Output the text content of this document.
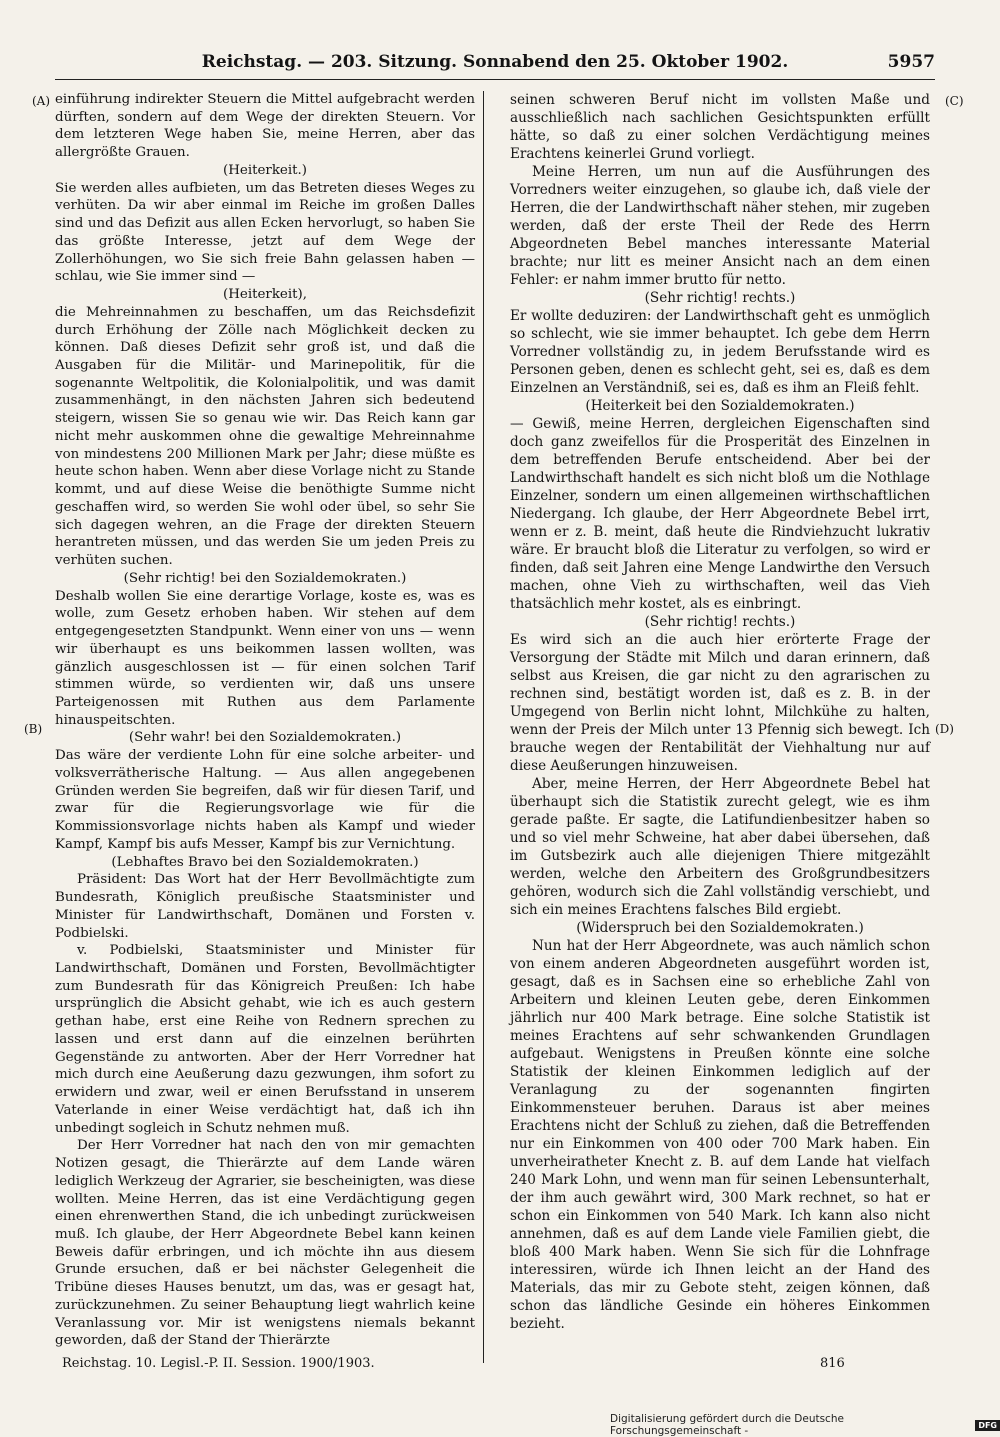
Reichstag. — 203. Sitzung. Sonnabend den 25. Oktober 1902.	5957
(A)
(B)
(C)
(D)

einführung indirekter Steuern die Mittel aufgebracht werden dürften, sondern auf dem Wege der direkten Steuern. Vor dem letzteren Wege haben Sie, meine Herren, aber das allergrößte Grauen.

(Heiterkeit.)

Sie werden alles aufbieten, um das Betreten dieses Weges zu verhüten. Da wir aber einmal im Reiche im großen Dalles sind und das Defizit aus allen Ecken hervorlugt, so haben Sie das größte Interesse, jetzt auf dem Wege der Zollerhöhungen, wo Sie sich freie Bahn gelassen haben — schlau, wie Sie immer sind —

(Heiterkeit),

die Mehreinnahmen zu beschaffen, um das Reichsdefizit durch Erhöhung der Zölle nach Möglichkeit decken zu können. Daß dieses Defizit sehr groß ist, und daß die Ausgaben für die Militär- und Marinepolitik, für die sogenannte Weltpolitik, die Kolonialpolitik, und was damit zusammenhängt, in den nächsten Jahren sich bedeutend steigern, wissen Sie so genau wie wir. Das Reich kann gar nicht mehr auskommen ohne die gewaltige Mehreinnahme von mindestens 200 Millionen Mark per Jahr; diese müßte es heute schon haben. Wenn aber diese Vorlage nicht zu Stande kommt, und auf diese Weise die benöthigte Summe nicht geschaffen wird, so werden Sie wohl oder übel, so sehr Sie sich dagegen wehren, an die Frage der direkten Steuern herantreten müssen, und das werden Sie um jeden Preis zu verhüten suchen.

(Sehr richtig! bei den Sozialdemokraten.)

Deshalb wollen Sie eine derartige Vorlage, koste es, was es wolle, zum Gesetz erhoben haben. Wir stehen auf dem entgegengesetzten Standpunkt. Wenn einer von uns — wenn wir überhaupt es uns beikommen lassen wollten, was gänzlich ausgeschlossen ist — für einen solchen Tarif stimmen würde, so verdienten wir, daß uns unsere Parteigenossen mit Ruthen aus dem Parlamente hinauspeitschten.

(Sehr wahr! bei den Sozialdemokraten.)

Das wäre der verdiente Lohn für eine solche arbeiter- und volksverrätherische Haltung. — Aus allen angegebenen Gründen werden Sie begreifen, daß wir für diesen Tarif, und zwar für die Regierungsvorlage wie für die Kommissionsvorlage nichts haben als Kampf und wieder Kampf, Kampf bis aufs Messer, Kampf bis zur Vernichtung.

(Lebhaftes Bravo bei den Sozialdemokraten.)

Präsident: Das Wort hat der Herr Bevollmächtigte zum Bundesrath, Königlich preußische Staatsminister und Minister für Landwirthschaft, Domänen und Forsten v. Podbielski.

v. Podbielski, Staatsminister und Minister für Landwirthschaft, Domänen und Forsten, Bevollmächtigter zum Bundesrath für das Königreich Preußen: Ich habe ursprünglich die Absicht gehabt, wie ich es auch gestern gethan habe, erst eine Reihe von Rednern sprechen zu lassen und erst dann auf die einzelnen berührten Gegenstände zu antworten. Aber der Herr Vorredner hat mich durch eine Aeußerung dazu gezwungen, ihm sofort zu erwidern und zwar, weil er einen Berufsstand in unserem Vaterlande in einer Weise verdächtigt hat, daß ich ihn unbedingt sogleich in Schutz nehmen muß.

Der Herr Vorredner hat nach den von mir gemachten Notizen gesagt, die Thierärzte auf dem Lande wären lediglich Werkzeug der Agrarier, sie bescheinigten, was diese wollten. Meine Herren, das ist eine Verdächtigung gegen einen ehrenwerthen Stand, die ich unbedingt zurückweisen muß. Ich glaube, der Herr Abgeordnete Bebel kann keinen Beweis dafür erbringen, und ich möchte ihn aus diesem Grunde ersuchen, daß er bei nächster Gelegenheit die Tribüne dieses Hauses benutzt, um das, was er gesagt hat, zurückzunehmen. Zu seiner Behauptung liegt wahrlich keine Veranlassung vor. Mir ist wenigstens niemals bekannt geworden, daß der Stand der Thierärzte

seinen schweren Beruf nicht im vollsten Maße und ausschließlich nach sachlichen Gesichtspunkten erfüllt hätte, so daß zu einer solchen Verdächtigung meines Erachtens keinerlei Grund vorliegt.

Meine Herren, um nun auf die Ausführungen des Vorredners weiter einzugehen, so glaube ich, daß viele der Herren, die der Landwirthschaft näher stehen, mir zugeben werden, daß der erste Theil der Rede des Herrn Abgeordneten Bebel manches interessante Material brachte; nur litt es meiner Ansicht nach an dem einen Fehler: er nahm immer brutto für netto.

(Sehr richtig! rechts.)

Er wollte deduziren: der Landwirthschaft geht es unmöglich so schlecht, wie sie immer behauptet. Ich gebe dem Herrn Vorredner vollständig zu, in jedem Berufsstande wird es Personen geben, denen es schlecht geht, sei es, daß es dem Einzelnen an Verständniß, sei es, daß es ihm an Fleiß fehlt.

(Heiterkeit bei den Sozialdemokraten.)

— Gewiß, meine Herren, dergleichen Eigenschaften sind doch ganz zweifellos für die Prosperität des Einzelnen in dem betreffenden Berufe entscheidend. Aber bei der Landwirthschaft handelt es sich nicht bloß um die Nothlage Einzelner, sondern um einen allgemeinen wirthschaftlichen Niedergang. Ich glaube, der Herr Abgeordnete Bebel irrt, wenn er z. B. meint, daß heute die Rindviehzucht lukrativ wäre. Er braucht bloß die Literatur zu verfolgen, so wird er finden, daß seit Jahren eine Menge Landwirthe den Versuch machen, ohne Vieh zu wirthschaften, weil das Vieh thatsächlich mehr kostet, als es einbringt.

(Sehr richtig! rechts.)

Es wird sich an die auch hier erörterte Frage der Versorgung der Städte mit Milch und daran erinnern, daß selbst aus Kreisen, die gar nicht zu den agrarischen zu rechnen sind, bestätigt worden ist, daß es z. B. in der Umgegend von Berlin nicht lohnt, Milchkühe zu halten, wenn der Preis der Milch unter 13 Pfennig sich bewegt. Ich brauche wegen der Rentabilität der Viehhaltung nur auf diese Aeußerungen hinzuweisen.

Aber, meine Herren, der Herr Abgeordnete Bebel hat überhaupt sich die Statistik zurecht gelegt, wie es ihm gerade paßte. Er sagte, die Latifundienbesitzer haben so und so viel mehr Schweine, hat aber dabei übersehen, daß im Gutsbezirk auch alle diejenigen Thiere mitgezählt werden, welche den Arbeitern des Großgrundbesitzers gehören, wodurch sich die Zahl vollständig verschiebt, und sich ein meines Erachtens falsches Bild ergiebt.

(Widerspruch bei den Sozialdemokraten.)

Nun hat der Herr Abgeordnete, was auch nämlich schon von einem anderen Abgeordneten ausgeführt worden ist, gesagt, daß es in Sachsen eine so erhebliche Zahl von Arbeitern und kleinen Leuten gebe, deren Einkommen jährlich nur 400 Mark betrage. Eine solche Statistik ist meines Erachtens auf sehr schwankenden Grundlagen aufgebaut. Wenigstens in Preußen könnte eine solche Statistik der kleinen Einkommen lediglich auf der Veranlagung zu der sogenannten fingirten Einkommensteuer beruhen. Daraus ist aber meines Erachtens nicht der Schluß zu ziehen, daß die Betreffenden nur ein Einkommen von 400 oder 700 Mark haben. Ein unverheiratheter Knecht z. B. auf dem Lande hat vielfach 240 Mark Lohn, und wenn man für seinen Lebensunterhalt, der ihm auch gewährt wird, 300 Mark rechnet, so hat er schon ein Einkommen von 540 Mark. Ich kann also nicht annehmen, daß es auf dem Lande viele Familien giebt, die bloß 400 Mark haben. Wenn Sie sich für die Lohnfrage interessiren, würde ich Ihnen leicht an der Hand des Materials, das mir zu Gebote steht, zeigen können, daß schon das ländliche Gesinde ein höheres Einkommen bezieht.

Reichstag. 10. Legisl.-P. II. Session. 1900/1903.	816
Digitalisierung gefördert durch die Deutsche Forschungsgemeinschaft -	DFG
